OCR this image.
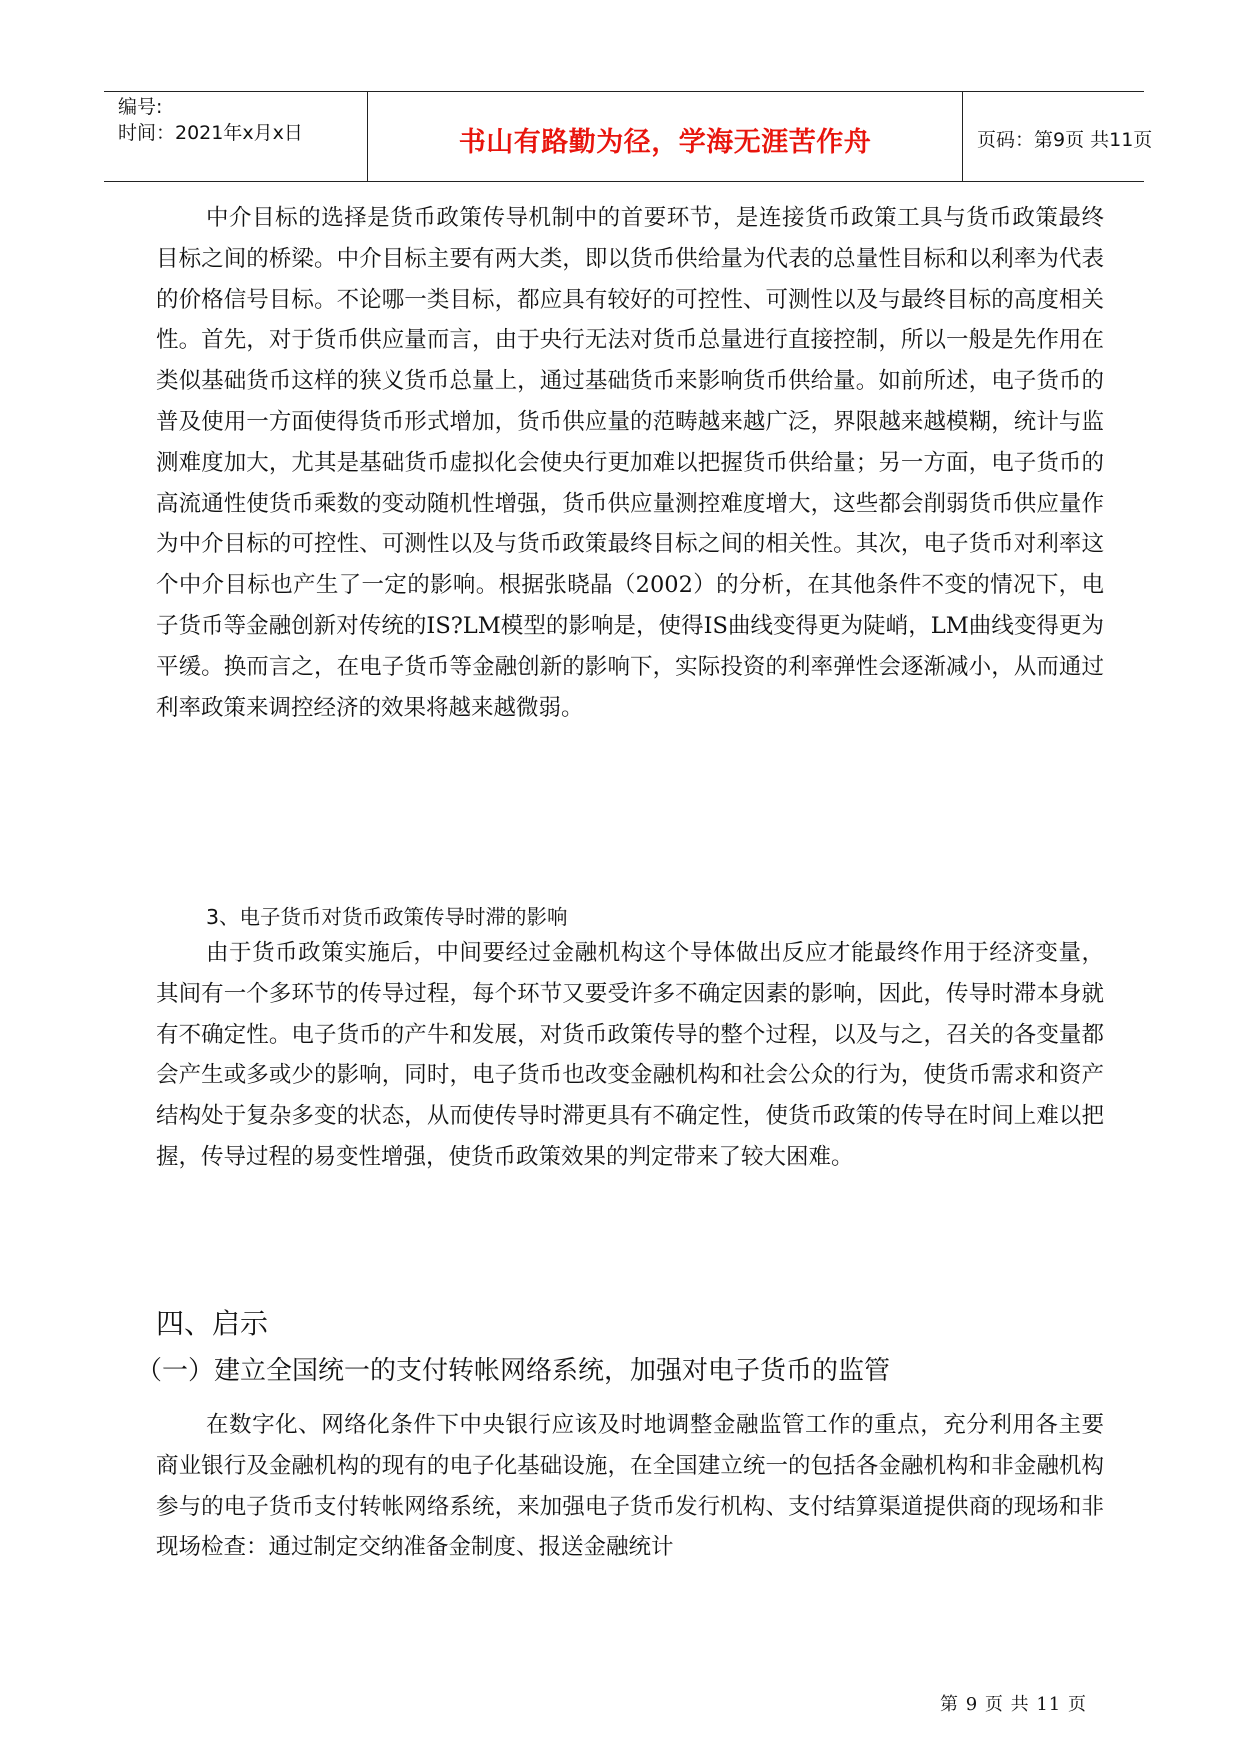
编号:
时间：2021年x月x日	书山有路勤为径，学海无涯苦作舟	页码：第9页 共11页

中介目标的选择是货币政策传导机制中的首要环节，是连接货币政策工具与货币政策最终目标之间的桥梁。中介目标主要有两大类，即以货币供给量为代表的总量性目标和以利率为代表的价格信号目标。不论哪一类目标，都应具有较好的可控性、可测性以及与最终目标的高度相关性。首先，对于货币供应量而言，由于央行无法对货币总量进行直接控制，所以一般是先作用在类似基础货币这样的狭义货币总量上，通过基础货币来影响货币供给量。如前所述，电子货币的普及使用一方面使得货币形式增加，货币供应量的范畴越来越广泛，界限越来越模糊，统计与监测难度加大，尤其是基础货币虚拟化会使央行更加难以把握货币供给量；另一方面，电子货币的高流通性使货币乘数的变动随机性增强，货币供应量测控难度增大，这些都会削弱货币供应量作为中介目标的可控性、可测性以及与货币政策最终目标之间的相关性。其次，电子货币对利率这个中介目标也产生了一定的影响。根据张晓晶（2002）的分析，在其他条件不变的情况下，电子货币等金融创新对传统的IS?LM模型的影响是，使得IS曲线变得更为陡峭，LM曲线变得更为平缓。换而言之，在电子货币等金融创新的影响下，实际投资的利率弹性会逐渐减小，从而通过利率政策来调控经济的效果将越来越微弱。

3、电子货币对货币政策传导时滞的影响

由于货币政策实施后，中间要经过金融机构这个导体做出反应才能最终作用于经济变量，其间有一个多环节的传导过程，每个环节又要受许多不确定因素的影响，因此，传导时滞本身就有不确定性。电子货币的产牛和发展，对货币政策传导的整个过程，以及与之，召关的各变量都会产生或多或少的影响，同时，电子货币也改变金融机构和社会公众的行为，使货币需求和资产结构处于复杂多变的状态，从而使传导时滞更具有不确定性，使货币政策的传导在时间上难以把握，传导过程的易变性增强，使货币政策效果的判定带来了较大困难。

四、启示
（一）建立全国统一的支付转帐网络系统，加强对电子货币的监管

在数字化、网络化条件下中央银行应该及时地调整金融监管工作的重点，充分利用各主要商业银行及金融机构的现有的电子化基础设施，在全国建立统一的包括各金融机构和非金融机构参与的电子货币支付转帐网络系统，来加强电子货币发行机构、支付结算渠道提供商的现场和非现场检查：通过制定交纳准备金制度、报送金融统计

第 9 页 共 11 页
